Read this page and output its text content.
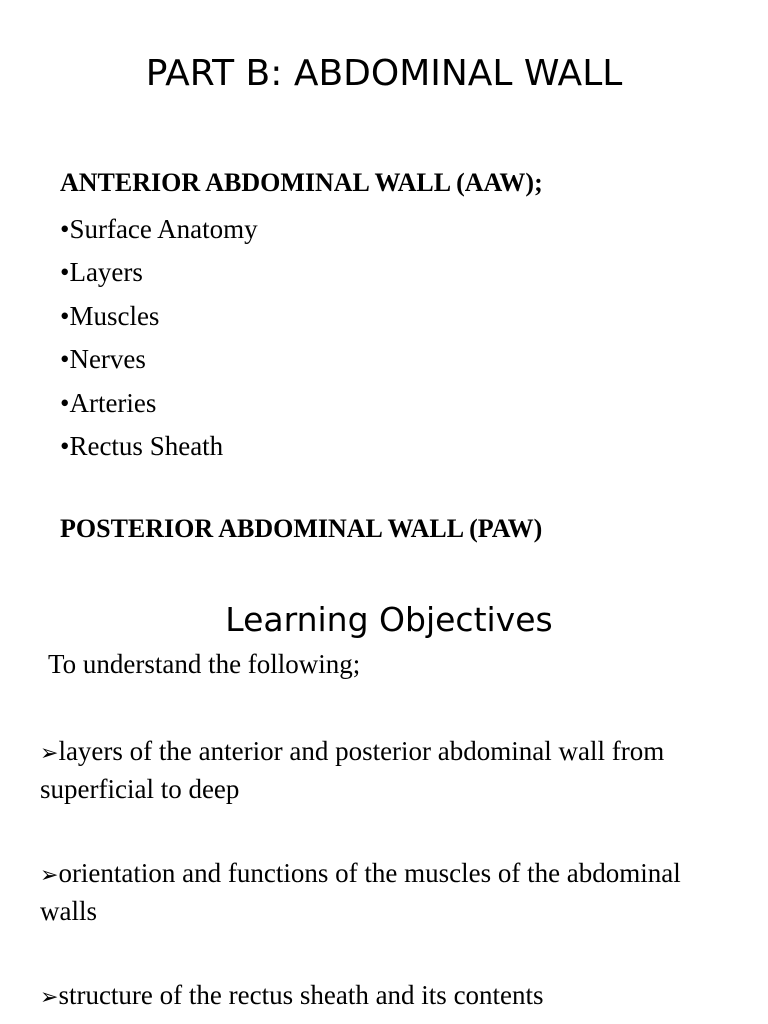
PART B: ABDOMINAL WALL
ANTERIOR ABDOMINAL WALL (AAW);
•Surface Anatomy
•Layers
•Muscles
•Nerves
•Arteries
•Rectus Sheath
POSTERIOR ABDOMINAL WALL (PAW)
Learning Objectives
To understand the following;
➢layers of the anterior and posterior abdominal wall from superficial to deep
➢orientation and functions of the muscles of the abdominal walls
➢structure of the rectus sheath and its contents
